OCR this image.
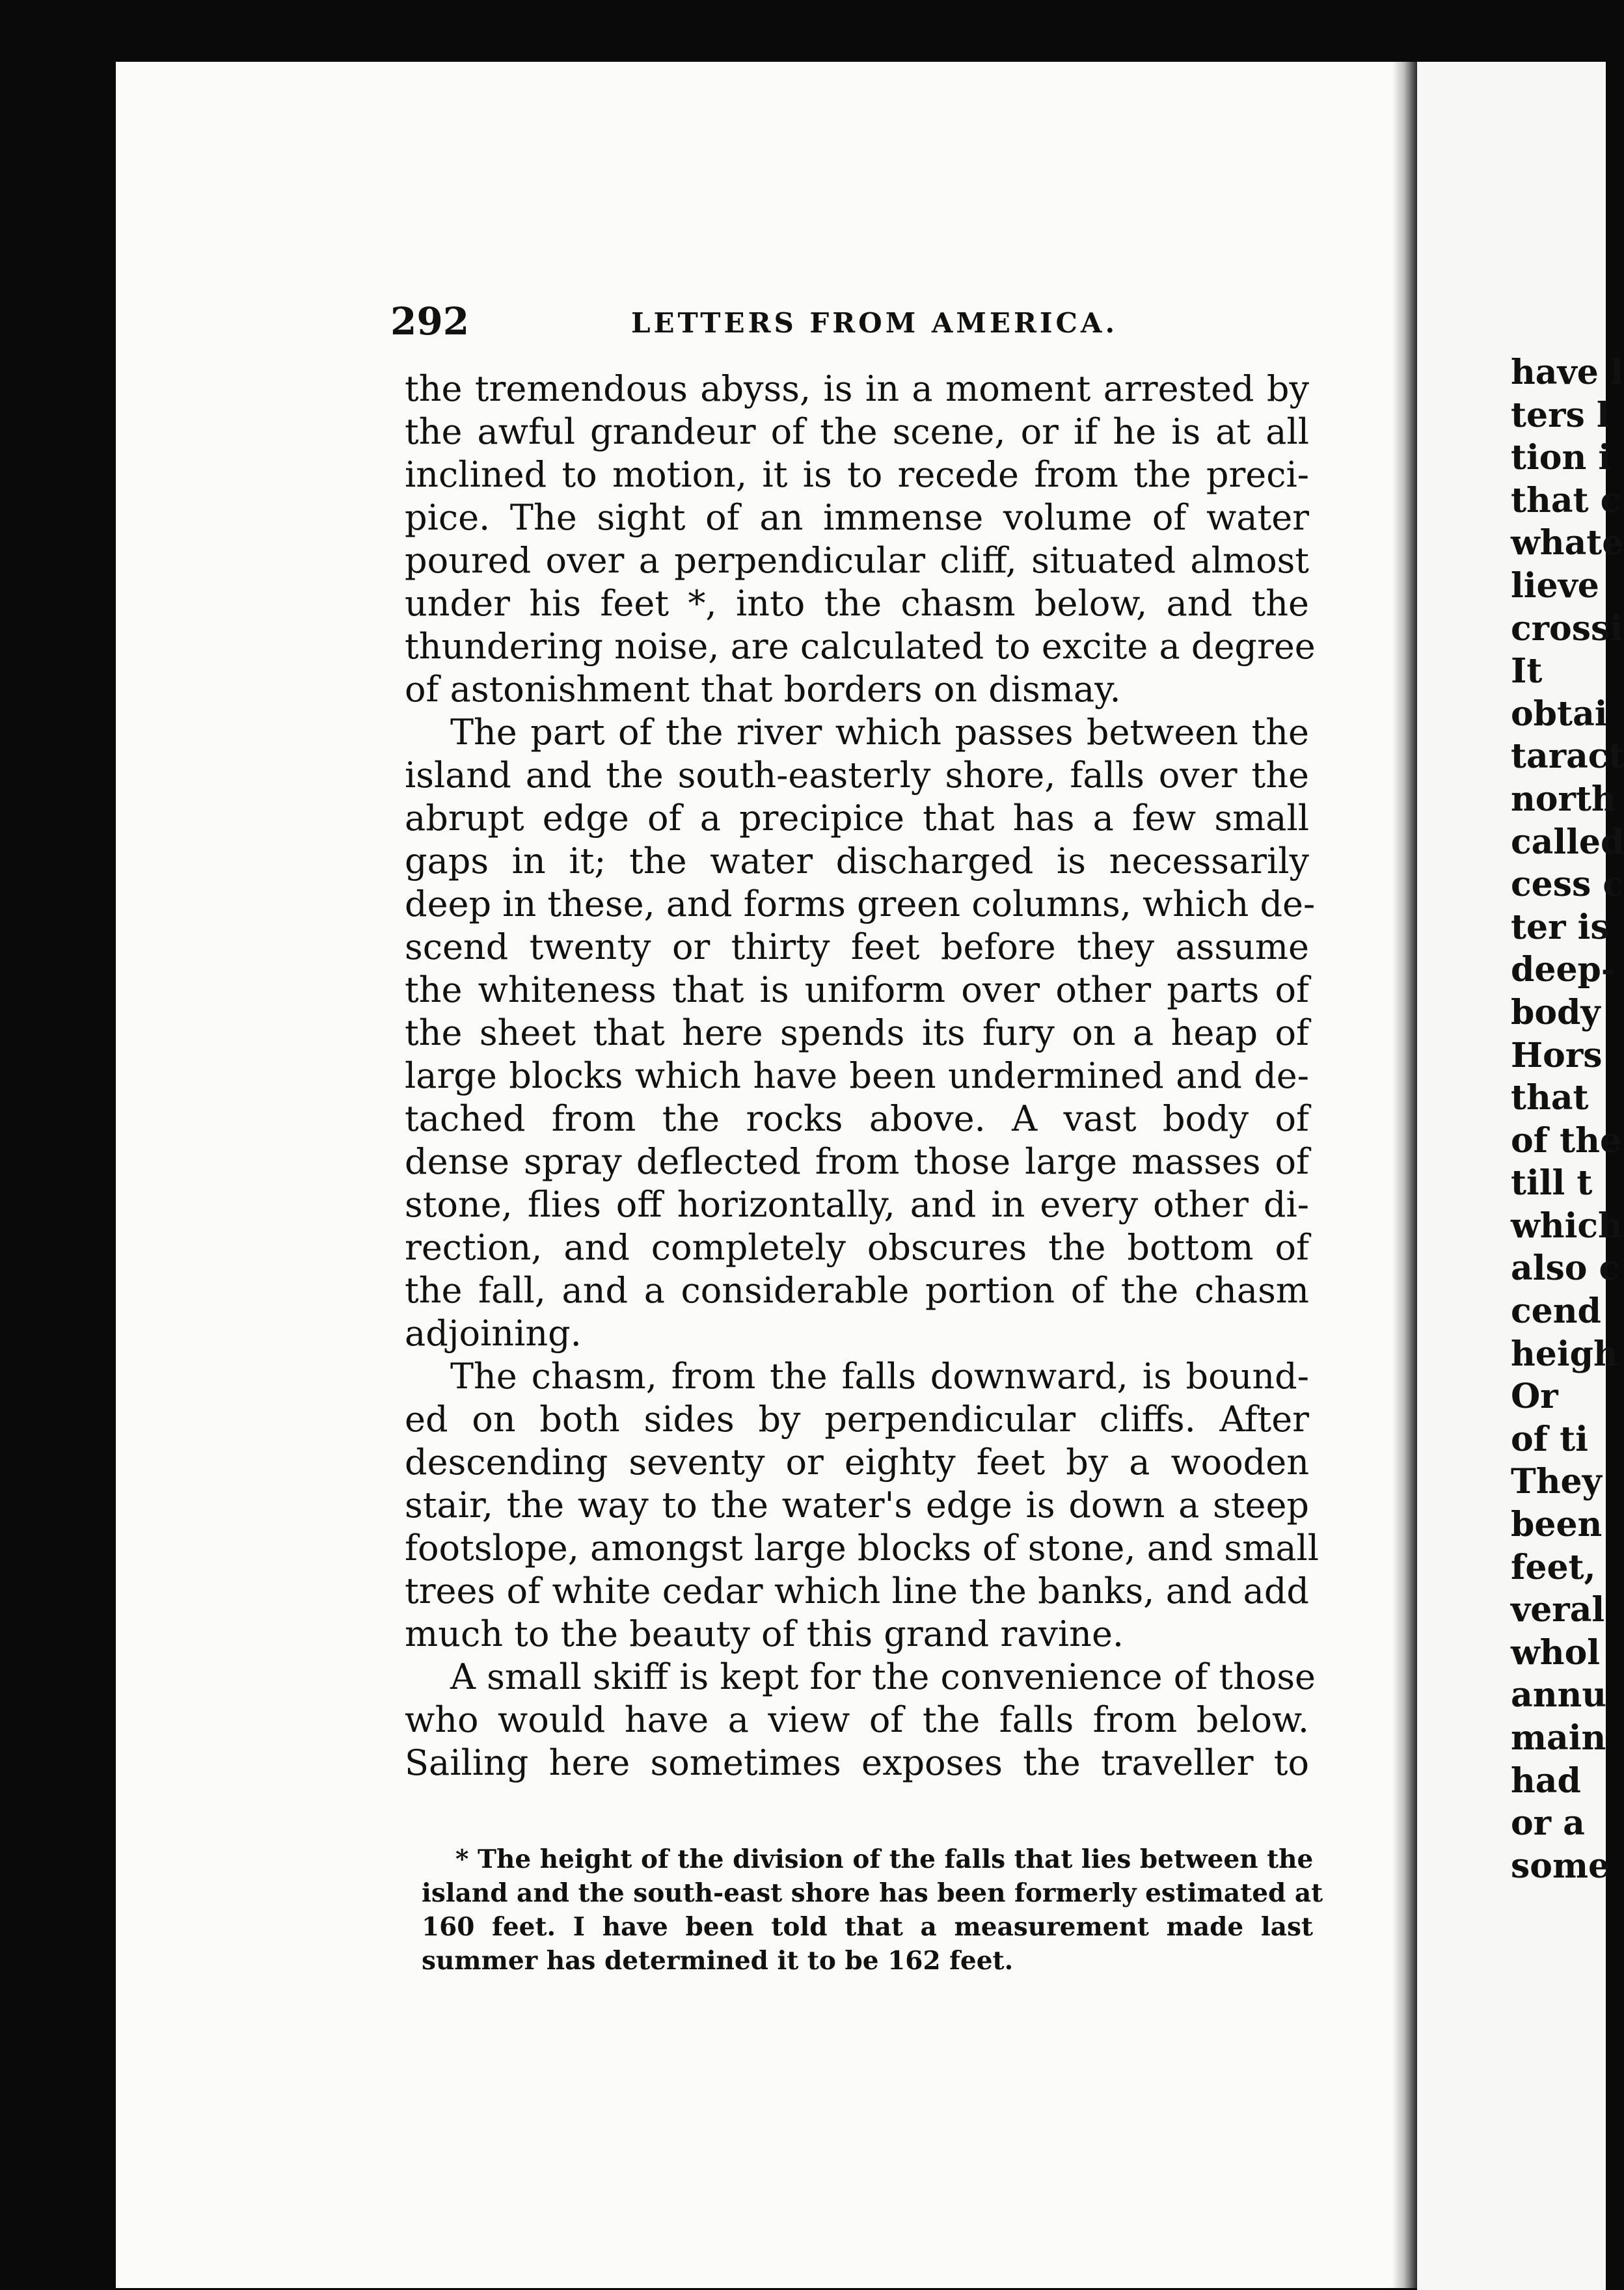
292	LETTERS FROM AMERICA.
the tremendous abyss, is in a moment arrested by
the awful grandeur of the scene, or if he is at all
inclined to motion, it is to recede from the preci-
pice. The sight of an immense volume of water
poured over a perpendicular cliff, situated almost
under his feet *, into the chasm below, and the
thundering noise, are calculated to excite a degree
of astonishment that borders on dismay.
The part of the river which passes between the
island and the south-easterly shore, falls over the
abrupt edge of a precipice that has a few small
gaps in it; the water discharged is necessarily
deep in these, and forms green columns, which de-
scend twenty or thirty feet before they assume
the whiteness that is uniform over other parts of
the sheet that here spends its fury on a heap of
large blocks which have been undermined and de-
tached from the rocks above. A vast body of
dense spray deflected from those large masses of
stone, flies off horizontally, and in every other di-
rection, and completely obscures the bottom of
the fall, and a considerable portion of the chasm
adjoining.
The chasm, from the falls downward, is bound-
ed on both sides by perpendicular cliffs. After
descending seventy or eighty feet by a wooden
stair, the way to the water's edge is down a steep
footslope, amongst large blocks of stone, and small
trees of white cedar which line the banks, and add
much to the beauty of this grand ravine.
A small skiff is kept for the convenience of those
who would have a view of the falls from below.
Sailing here sometimes exposes the traveller to
* The height of the division of the falls that lies between the
island and the south-east shore has been formerly estimated at
160 feet. I have been told that a measurement made last
summer has determined it to be 162 feet.
have l
ters l
tion i
that c
whate
lieve
crossi
It
obtai
taract
north
called
cess c
ter is
deep-
body
Hors
that
of the
till t
which
also c
cend
heigh
Or
of ti
They
been
feet,
veral
whol
annu
main
had
or a
some
